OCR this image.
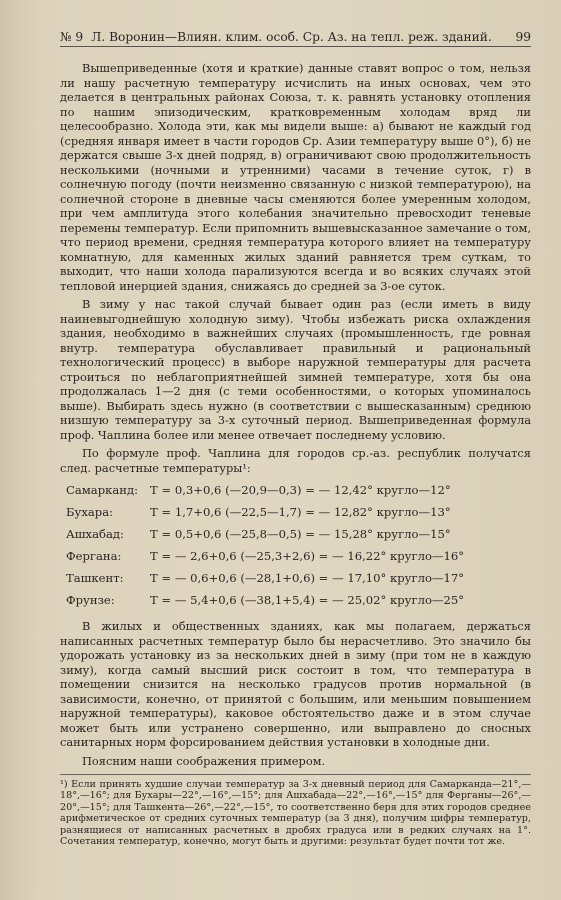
№ 9 Л. Воронин—Влиян. клим. особ. Ср. Аз. на тепл. реж. зданий.	99

Вышеприведенные (хотя и краткие) данные ставят вопрос о том, нельзя ли нашу расчетную температуру исчислить на иных основах, чем это делается в центральных районах Союза, т. к. равнять установку отопления по нашим эпизодическим, кратковременным холодам вряд ли целесообразно. Холода эти, как мы видели выше: а) бывают не каждый год (средняя января имеет в части городов Ср. Азии температуру выше 0°), б) не держатся свыше 3-х дней подряд, в) ограничивают свою продолжительность несколькими (ночными и утренними) часами в течение суток, г) в солнечную погоду (почти неизменно связанную с низкой температурою), на солнечной стороне в дневные часы сменяются более умеренным холодом, при чем амплитуда этого колебания значительно превосходит теневые перемены температур. Если припомнить вышевысказанное замечание о том, что период времени, средняя температура которого влияет на температуру комнатную, для каменных жилых зданий равняется трем суткам, то выходит, что наши холода парализуются всегда и во всяких случаях этой тепловой инерцией здания, снижаясь до средней за 3-ое суток.

В зиму у нас такой случай бывает один раз (если иметь в виду наиневыгоднейшую холодную зиму). Чтобы избежать риска охлаждения здания, необходимо в важнейших случаях (промышленность, где ровная внутр. температура обуславливает правильный и рациональный технологический процесс) в выборе наружной температуры для расчета строиться по неблагоприятнейшей зимней температуре, хотя бы она продолжалась 1—2 дня (с теми особенностями, о которых упоминалось выше). Выбирать здесь нужно (в соответствии с вышесказанным) среднюю низшую температуру за 3-х суточный период. Вышеприведенная формула проф. Чаплина более или менее отвечает последнему условию.

По формуле проф. Чаплина для городов ср.-аз. республик получатся след. расчетные температуры¹:

Самарканд:	Т = 0,3+0,6 (—20,9—0,3) = — 12,42° кругло—12°
Бухара:	Т = 1,7+0,6 (—22,5—1,7) = — 12,82° кругло—13°
Ашхабад:	Т = 0,5+0,6 (—25,8—0,5) = — 15,28° кругло—15°
Фергана:	Т = — 2,6+0,6 (—25,3+2,6) = — 16,22° кругло—16°
Ташкент:	Т = — 0,6+0,6 (—28,1+0,6) = — 17,10° кругло—17°
Фрунзе:	Т = — 5,4+0,6 (—38,1+5,4) = — 25,02° кругло—25°

В жилых и общественных зданиях, как мы полагаем, держаться написанных расчетных температур было бы нерасчетливо. Это значило бы удорожать установку из за нескольких дней в зиму (при том не в каждую зиму), когда самый высший риск состоит в том, что температура в помещении снизится на несколько градусов против нормальной (в зависимости, конечно, от принятой с большим, или меньшим повышением наружной температуры), каковое обстоятельство даже и в этом случае может быть или устранено совершенно, или выправлено до сносных санитарных норм форсированием действия установки в холодные дни.

Поясним наши соображения примером.

¹) Если принять худшие случаи температур за 3-х дневный период для Самарканда—21°,—18°,—16°; для Бухары—22°,—16°,—15°; для Ашхабада—22°,—16°,—15° для Ферганы—26°,—20°,—15°; для Ташкента—26°,—22°,—15°, то соответственно беря для этих городов среднее арифметическое от средних суточных температур (за 3 дня), получим цифры температур, разнящиеся от написанных расчетных в дробях градуса или в редких случаях на 1°. Сочетания температур, конечно, могут быть и другими: результат будет почти тот же.
